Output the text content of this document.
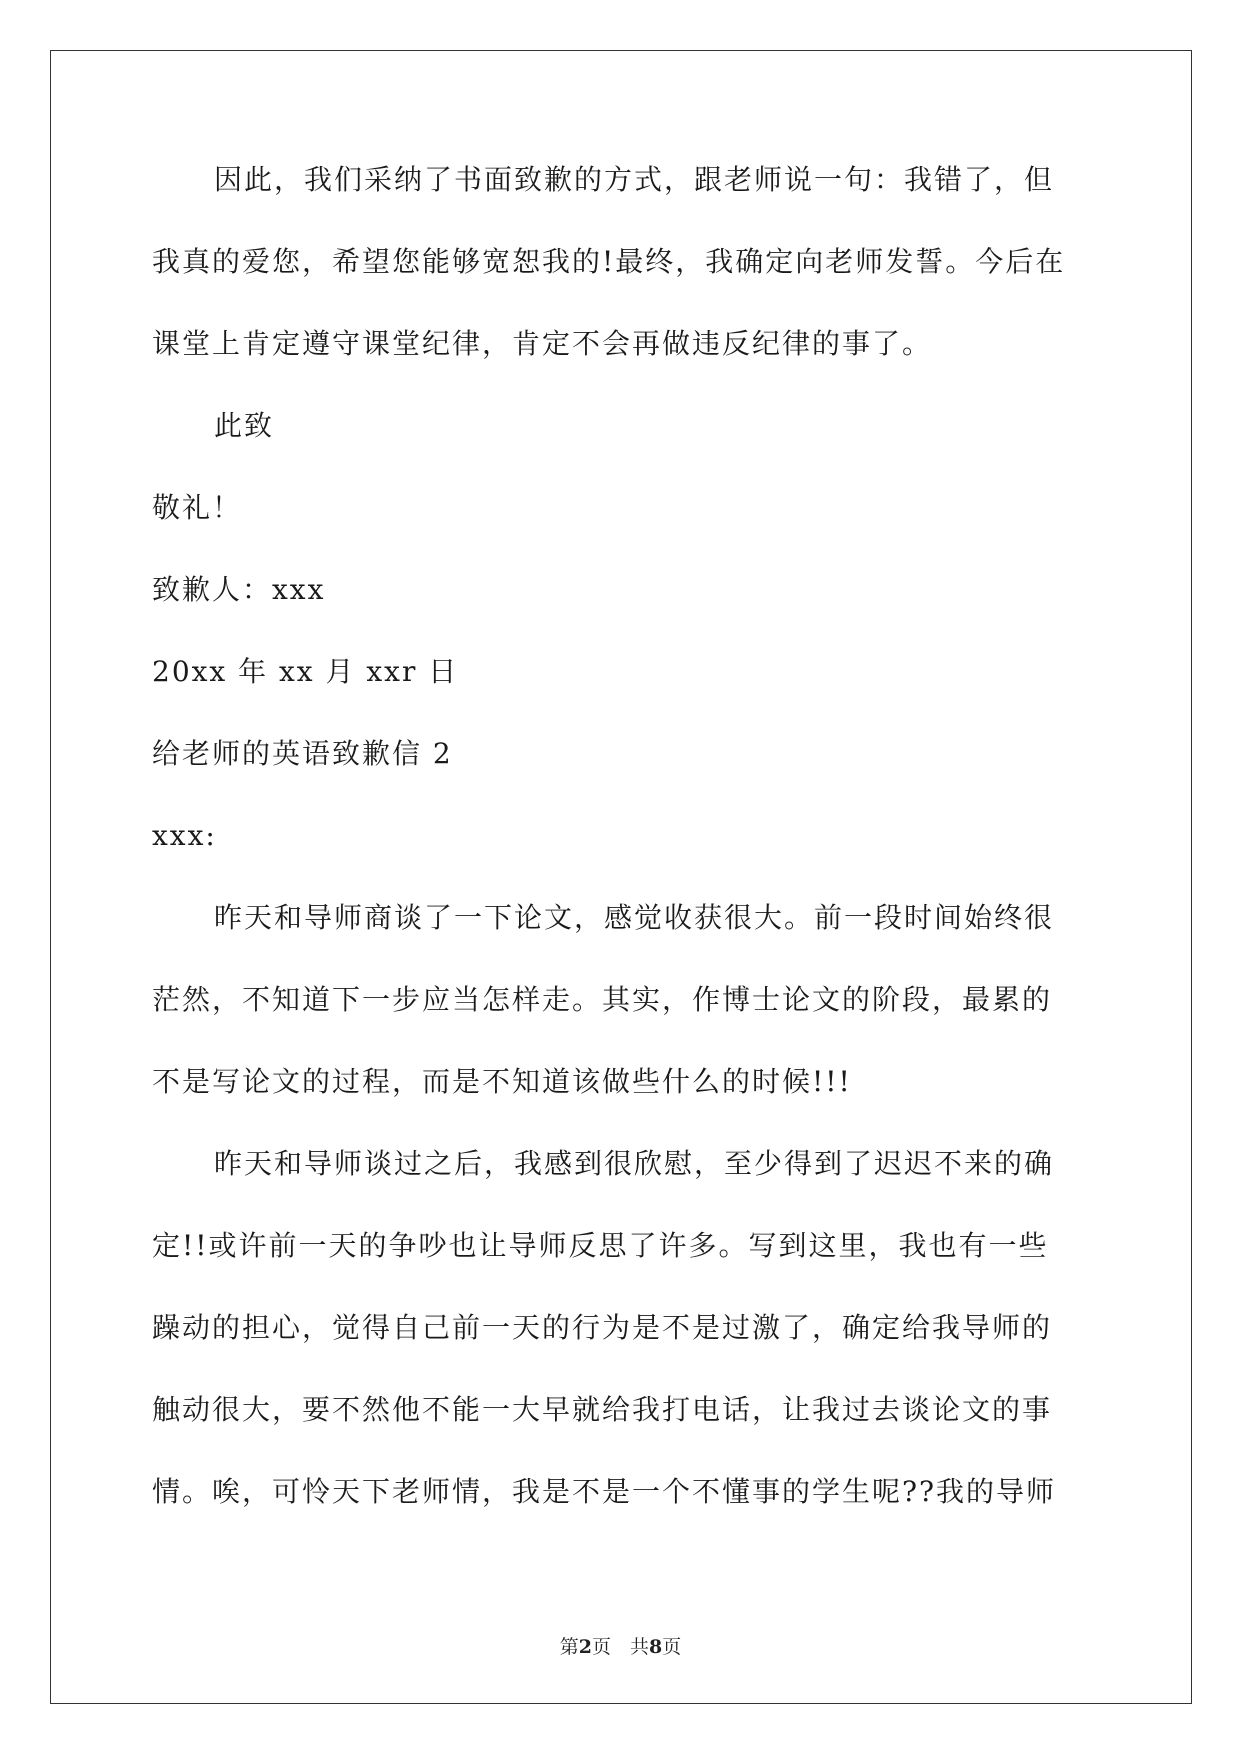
因此，我们采纳了书面致歉的方式，跟老师说一句：我错了，但
我真的爱您，希望您能够宽恕我的!最终，我确定向老师发誓。今后在
课堂上肯定遵守课堂纪律，肯定不会再做违反纪律的事了。
此致
敬礼！
致歉人：xxx
20xx 年 xx 月 xxr 日
给老师的英语致歉信 2
xxx:
昨天和导师商谈了一下论文，感觉收获很大。前一段时间始终很
茫然，不知道下一步应当怎样走。其实，作博士论文的阶段，最累的
不是写论文的过程，而是不知道该做些什么的时候!!!
昨天和导师谈过之后，我感到很欣慰，至少得到了迟迟不来的确
定!!或许前一天的争吵也让导师反思了许多。写到这里，我也有一些
躁动的担心，觉得自己前一天的行为是不是过激了，确定给我导师的
触动很大，要不然他不能一大早就给我打电话，让我过去谈论文的事
情。唉，可怜天下老师情，我是不是一个不懂事的学生呢??我的导师
第2页　共8页
